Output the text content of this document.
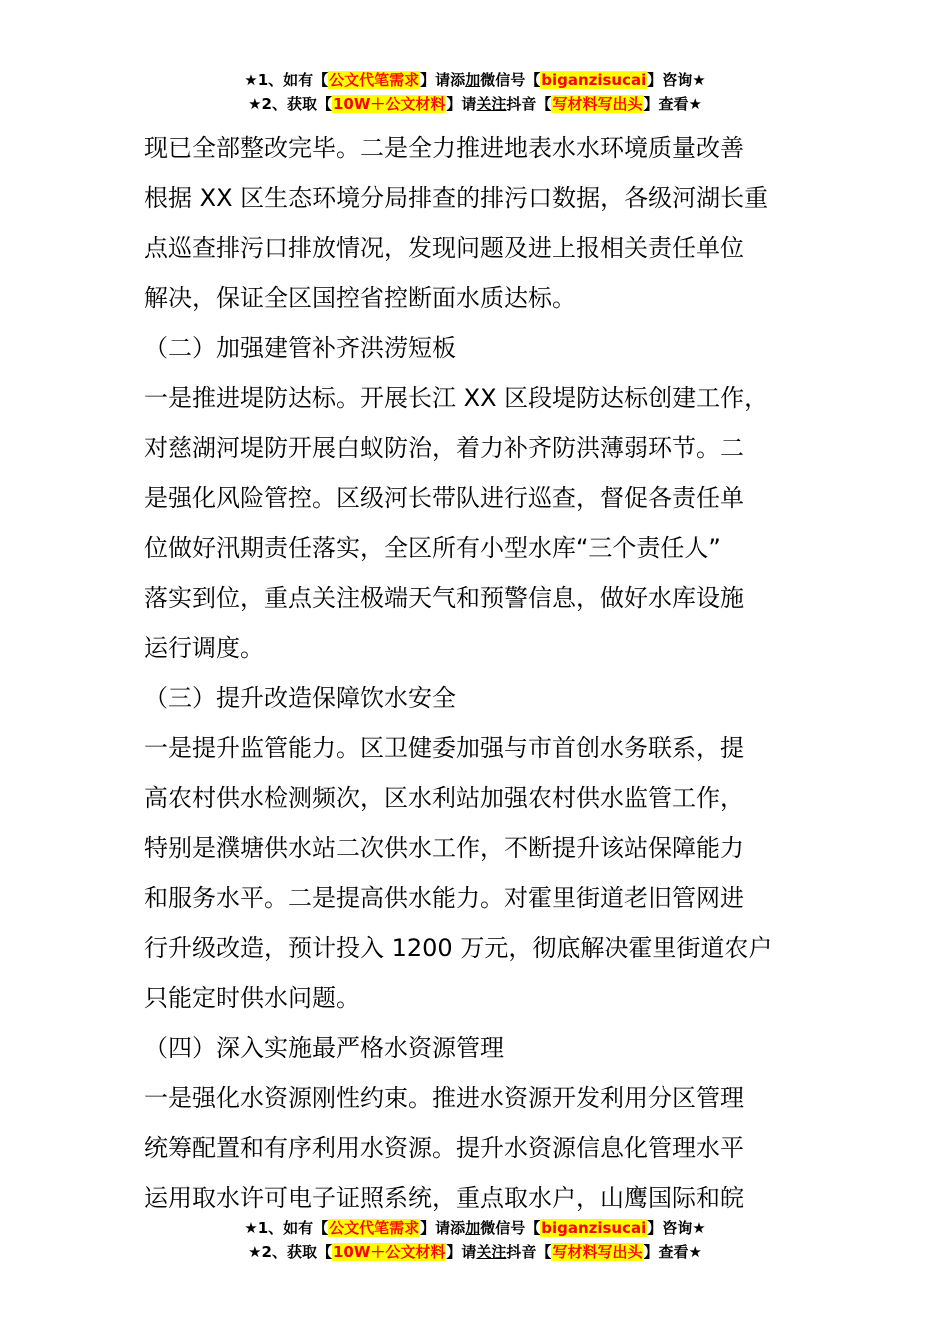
★1、如有【公文代笔需求】请添加微信号【biganzisucai】咨询★
★2、获取【10W＋公文材料】请关注抖音【写材料写出头】查看★

现已全部整改完毕。二是全力推进地表水水环境质量改善

根据 XX 区生态环境分局排查的排污口数据，各级河湖长重

点巡查排污口排放情况，发现问题及进上报相关责任单位

解决，保证全区国控省控断面水质达标。

（二）加强建管补齐洪涝短板

一是推进堤防达标。开展长江 XX 区段堤防达标创建工作，

对慈湖河堤防开展白蚁防治，着力补齐防洪薄弱环节。二

是强化风险管控。区级河长带队进行巡查，督促各责任单

位做好汛期责任落实，全区所有小型水库“三个责任人”

落实到位，重点关注极端天气和预警信息，做好水库设施

运行调度。

（三）提升改造保障饮水安全

一是提升监管能力。区卫健委加强与市首创水务联系，提

高农村供水检测频次，区水利站加强农村供水监管工作，

特别是濮塘供水站二次供水工作，不断提升该站保障能力

和服务水平。二是提高供水能力。对霍里街道老旧管网进

行升级改造，预计投入 1200 万元，彻底解决霍里街道农户

只能定时供水问题。

（四）深入实施最严格水资源管理

一是强化水资源刚性约束。推进水资源开发利用分区管理

统筹配置和有序利用水资源。提升水资源信息化管理水平

运用取水许可电子证照系统，重点取水户，山鹰国际和皖

★1、如有【公文代笔需求】请添加微信号【biganzisucai】咨询★
★2、获取【10W＋公文材料】请关注抖音【写材料写出头】查看★
